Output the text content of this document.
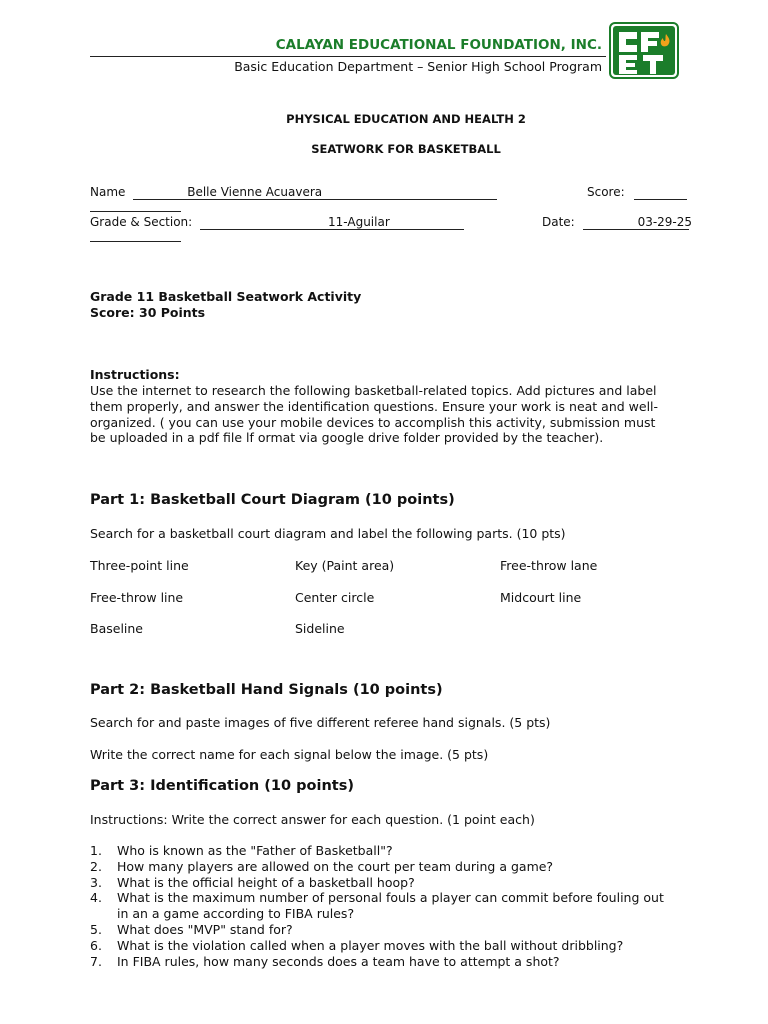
CALAYAN EDUCATIONAL FOUNDATION, INC.
Basic Education Department – Senior High School Program
PHYSICAL EDUCATION AND HEALTH 2
SEATWORK FOR BASKETBALL
Name	Belle Vienne Acuavera	Score:
Grade & Section:	11-Aguilar	Date:	03-29-25
Grade 11 Basketball Seatwork Activity
Score: 30 Points
Instructions:
Use the internet to research the following basketball-related topics. Add pictures and label them properly, and answer the identification questions. Ensure your work is neat and well-organized. ( you can use your mobile devices to accomplish this activity, submission must be uploaded in a pdf file lf ormat via google drive folder provided by the teacher).
Part 1: Basketball Court Diagram (10 points)
Search for a basketball court diagram and label the following parts. (10 pts)
Three-point line	Key (Paint area)	Free-throw lane
Free-throw line	Center circle	Midcourt line
Baseline	Sideline
Part 2: Basketball Hand Signals (10 points)
Search for and paste images of five different referee hand signals. (5 pts)
Write the correct name for each signal below the image. (5 pts)
Part 3: Identification (10 points)
Instructions: Write the correct answer for each question. (1 point each)
1. Who is known as the "Father of Basketball"?
2. How many players are allowed on the court per team during a game?
3. What is the official height of a basketball hoop?
4. What is the maximum number of personal fouls a player can commit before fouling out in an a game according to FIBA rules?
5. What does "MVP" stand for?
6. What is the violation called when a player moves with the ball without dribbling?
7. In FIBA rules, how many seconds does a team have to attempt a shot?
